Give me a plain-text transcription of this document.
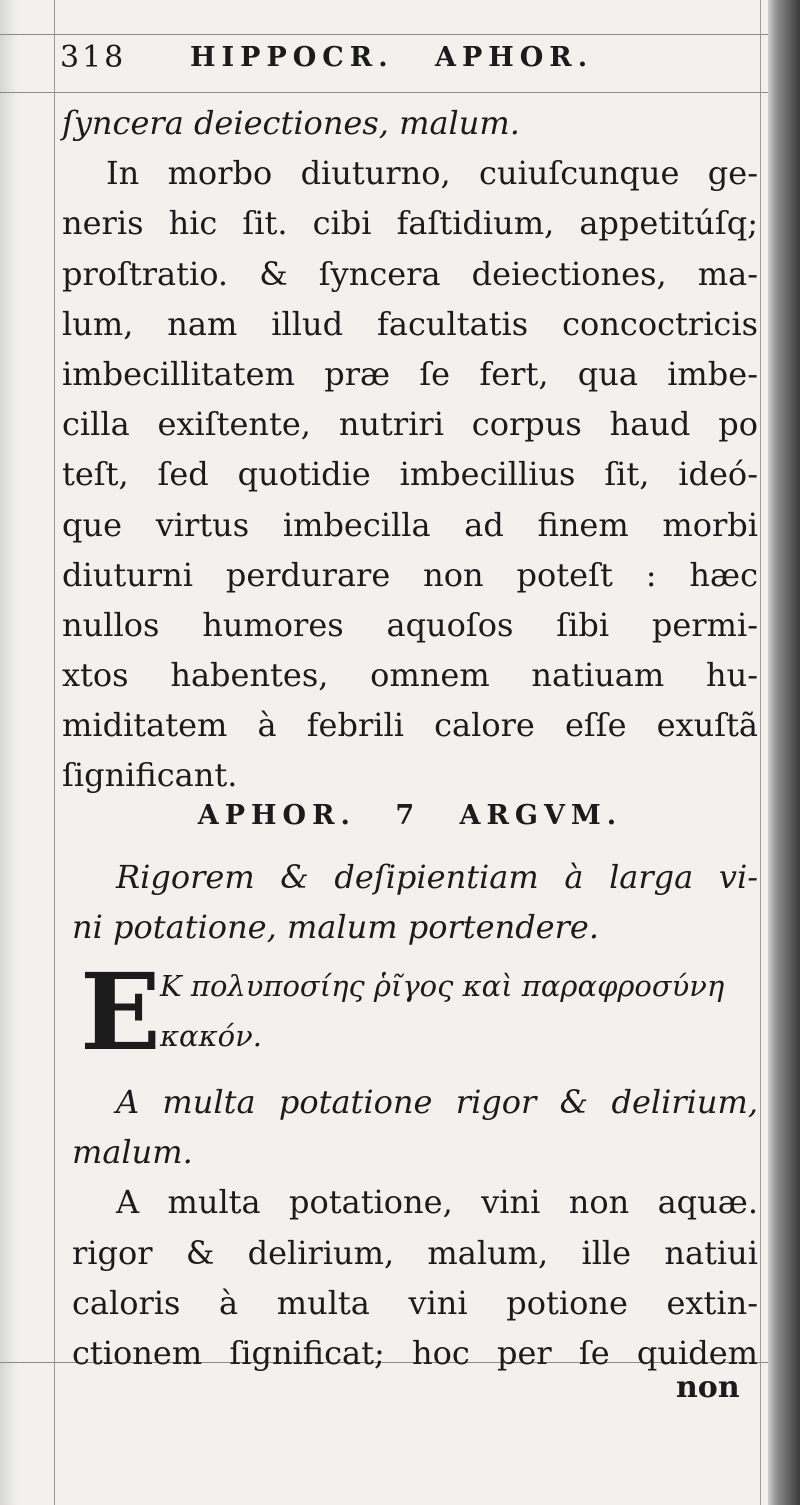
318 HIPPOCR. APHOR.
ſyncera deiectiones, malum.
In morbo diuturno, cuiuſcunque ge-
neris hic ſit. cibi faſtidium, appetitúſq;
proſtratio. & ſyncera deiectiones, ma-
lum, nam illud facultatis concoctricis
imbecillitatem præ ſe fert, qua imbe-
cilla exiſtente, nutriri corpus haud po
teſt, ſed quotidie imbecillius ſit, ideó-
que virtus imbecilla ad finem morbi
diuturni perdurare non poteſt : hæc
nullos humores aquoſos ſibi permi-
xtos habentes, omnem natiuam hu-
miditatem à febrili calore eſſe exuſtã
ſignificant.
APHOR. 7 ARGVM.
Rigorem & deſipientiam à larga vi-
ni potatione, malum portendere.
E Κ πολυποσίης ῥῖγος καὶ παραφροσύνη
κακόν.
A multa potatione rigor & delirium,
malum.
A multa potatione, vini non aquæ.
rigor & delirium, malum, ille natiui
caloris à multa vini potione extin-
ctionem ſignificat; hoc per ſe quidem
non
